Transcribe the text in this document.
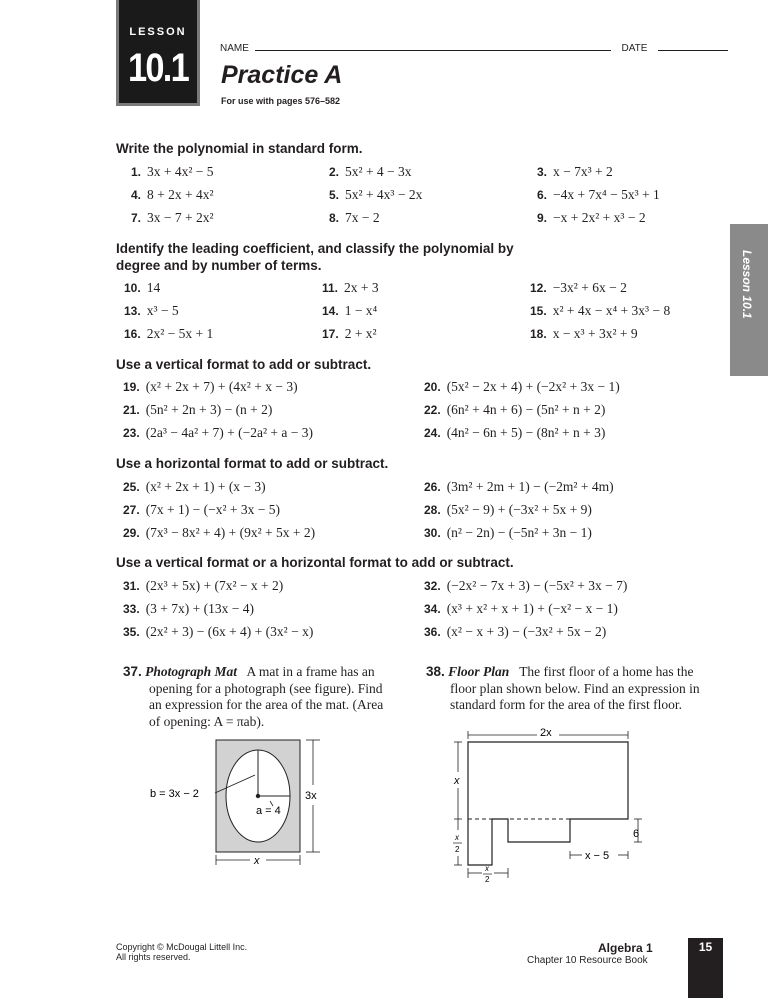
LESSON
10.1	NAME	DATE
Practice A
For use with pages 576–582
Lesson 10.1
Write the polynomial in standard form.
Identify the leading coefficient, and classify the polynomial by
degree and by number of terms.
Use a vertical format to add or subtract.
Use a horizontal format to add or subtract.
Use a vertical format or a horizontal format to add or subtract.
1. 3x + 4x² − 5	2. 5x² + 4 − 3x	3. x − 7x³ + 2
4. 8 + 2x + 4x²	5. 5x² + 4x³ − 2x	6. −4x + 7x⁴ − 5x³ + 1
7. 3x − 7 + 2x²	8. 7x − 2	9. −x + 2x² + x³ − 2
10. 14	11. 2x + 3	12. −3x² + 6x − 2
13. x³ − 5	14. 1 − x⁴	15. x² + 4x − x⁴ + 3x³ − 8
16. 2x² − 5x + 1	17. 2 + x²	18. x − x³ + 3x² + 9
19. (x² + 2x + 7) + (4x² + x − 3)	20. (5x² − 2x + 4) + (−2x² + 3x − 1)
21. (5n² + 2n + 3) − (n + 2)	22. (6n² + 4n + 6) − (5n² + n + 2)
23. (2a³ − 4a² + 7) + (−2a² + a − 3)	24. (4n² − 6n + 5) − (8n² + n + 3)
25. (x² + 2x + 1) + (x − 3)	26. (3m² + 2m + 1) − (−2m² + 4m)
27. (7x + 1) − (−x² + 3x − 5)	28. (5x² − 9) + (−3x² + 5x + 9)
29. (7x³ − 8x² + 4) + (9x² + 5x + 2)	30. (n² − 2n) − (−5n² + 3n − 1)
31. (2x³ + 5x) + (7x² − x + 2)	32. (−2x² − 7x + 3) − (−5x² + 3x − 7)
33. (3 + 7x) + (13x − 4)	34. (x³ + x² + x + 1) + (−x² − x − 1)
35. (2x² + 3) − (6x + 4) + (3x² − x)	36. (x² − x + 3) − (−3x² + 5x − 2)
37. Photograph Mat A mat in a frame has an
opening for a photograph (see figure). Find
an expression for the area of the mat. (Area
of opening: A = πab).
38. Floor Plan The first floor of a home has the
floor plan shown below. Find an expression in
standard form for the area of the first floor.
b = 3x − 2
a = 4
3x
x
2x
x
x
2
6
x − 5
x
2
Copyright © McDougal Littell Inc.
All rights reserved.
Algebra 1
Chapter 10 Resource Book
15
